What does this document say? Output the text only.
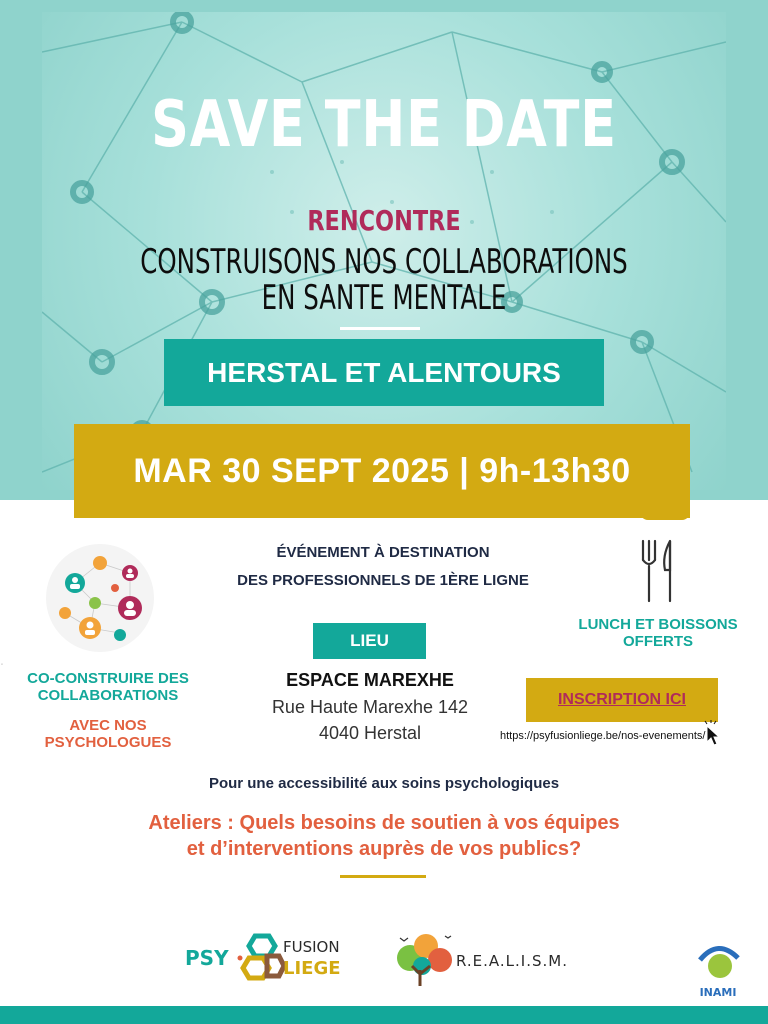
SAVE THE DATE
RENCONTRE
CONSTRUISONS NOS COLLABORATIONS
EN SANTE MENTALE
HERSTAL ET ALENTOURS
MAR 30 SEPT 2025 | 9h-13h30
◦
CO-CONSTRUIRE DES
COLLABORATIONS
AVEC NOS
PSYCHOLOGUES
ÉVÉNEMENT À DESTINATION
DES PROFESSIONNELS DE 1ÈRE LIGNE
LIEU
ESPACE MAREXHE
Rue Haute Marexhe 142
4040 Herstal
LUNCH ET BOISSONS
OFFERTS
INSCRIPTION ICI
https://psyfusionliege.be/nos-evenements/
Pour une accessibilité aux soins psychologiques
Ateliers : Quels besoins de soutien à vos équipes
et d’interventions auprès de vos publics?
PSY	FUSION
LIEGE	R.E.A.L.I.S.M.
INAMI
